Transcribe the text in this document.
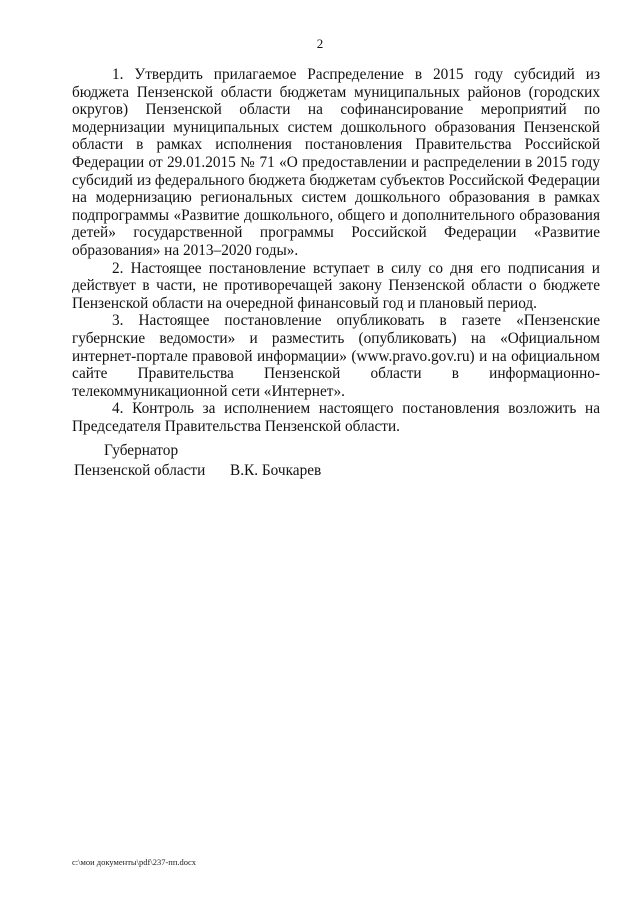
2

1. Утвердить прилагаемое Распределение в 2015 году субсидий из бюджета Пензенской области бюджетам муниципальных районов (городских округов) Пензенской области на софинансирование мероприятий по модернизации муниципальных систем дошкольного образования Пензенской области в рамках исполнения постановления Правительства Российской Федерации от 29.01.2015 № 71 «О предоставлении и распределении в 2015 году субсидий из федерального бюджета бюджетам субъектов Российской Федерации на модернизацию региональных систем дошкольного образования в рамках подпрограммы «Развитие дошкольного, общего и дополнительного образования детей» государственной программы Российской Федерации «Развитие образования» на 2013–2020 годы».

2. Настоящее постановление вступает в силу со дня его подписания и действует в части, не противоречащей закону Пензенской области о бюджете Пензенской области на очередной финансовый год и плановый период.

3. Настоящее постановление опубликовать в газете «Пензенские губернские ведомости» и разместить (опубликовать) на «Официальном интернет-портале правовой информации» (www.pravo.gov.ru) и на официальном сайте Правительства Пензенской области в информационно-телекоммуникационной сети «Интернет».

4. Контроль за исполнением настоящего постановления возложить на Председателя Правительства Пензенской области.

Губернатор
Пензенской области	В.К. Бочкарев
c:\мои документы\pdf\237-пп.docx
